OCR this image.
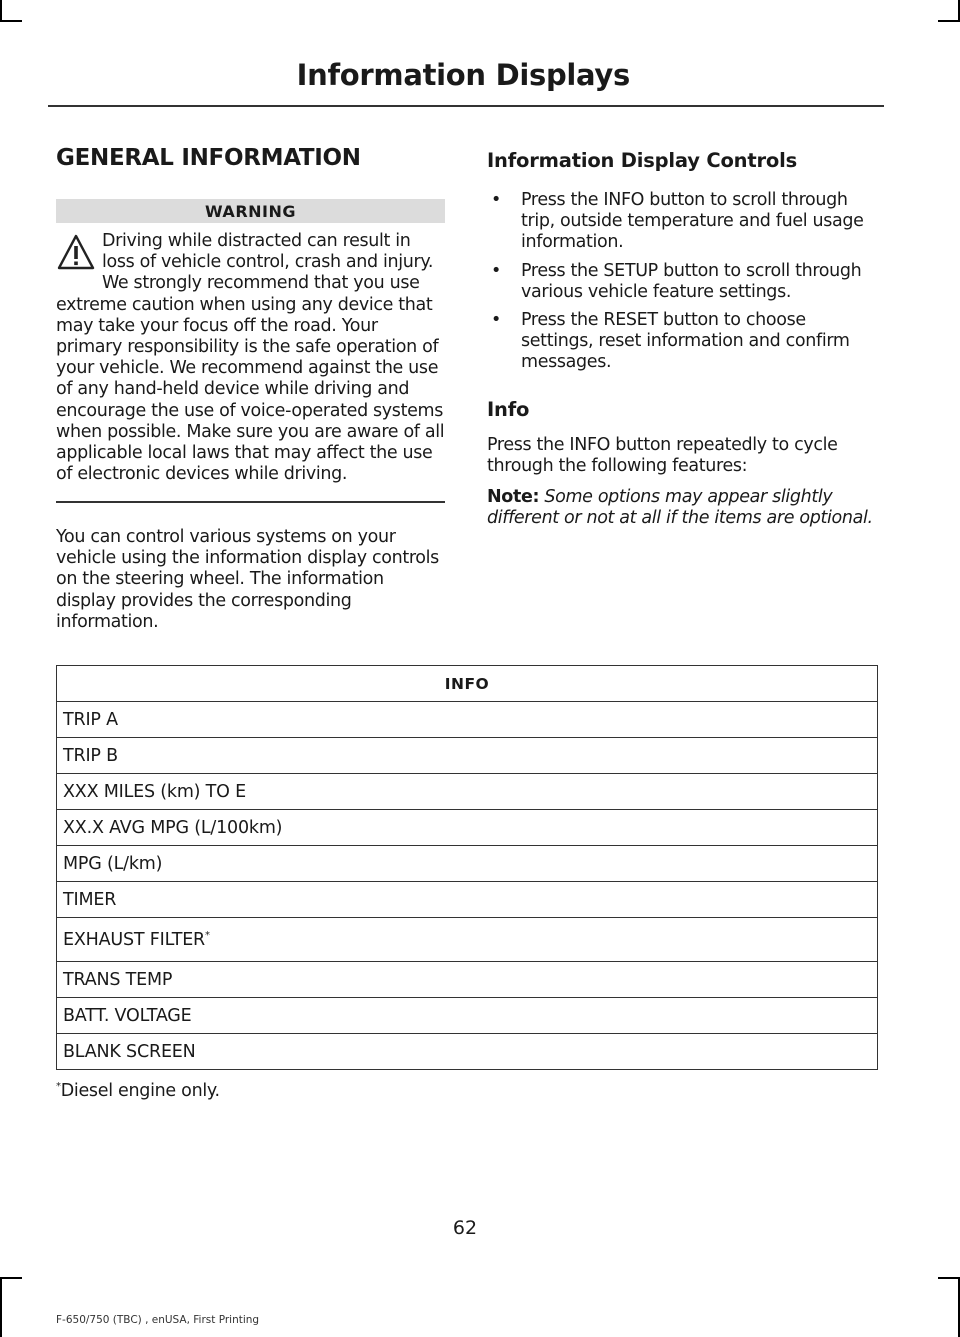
Information Displays
GENERAL INFORMATION
WARNING
Driving while distracted can result in loss of vehicle control, crash and injury. We strongly recommend that you use extreme caution when using any device that may take your focus off the road. Your primary responsibility is the safe operation of your vehicle. We recommend against the use of any hand-held device while driving and encourage the use of voice-operated systems when possible. Make sure you are aware of all applicable local laws that may affect the use of electronic devices while driving.

You can control various systems on your vehicle using the information display controls on the steering wheel. The information display provides the corresponding information.

Information Display Controls
• Press the INFO button to scroll through trip, outside temperature and fuel usage information.
• Press the SETUP button to scroll through various vehicle feature settings.
• Press the RESET button to choose settings, reset information and confirm messages.
Info
Press the INFO button repeatedly to cycle through the following features:
Note: Some options may appear slightly different or not at all if the items are optional.
INFO
TRIP A
TRIP B
XXX MILES (km) TO E
XX.X AVG MPG (L/100km)
MPG (L/km)
TIMER
EXHAUST FILTER*
TRANS TEMP
BATT. VOLTAGE
BLANK SCREEN
*Diesel engine only.
62
F-650/750 (TBC) , enUSA, First Printing
